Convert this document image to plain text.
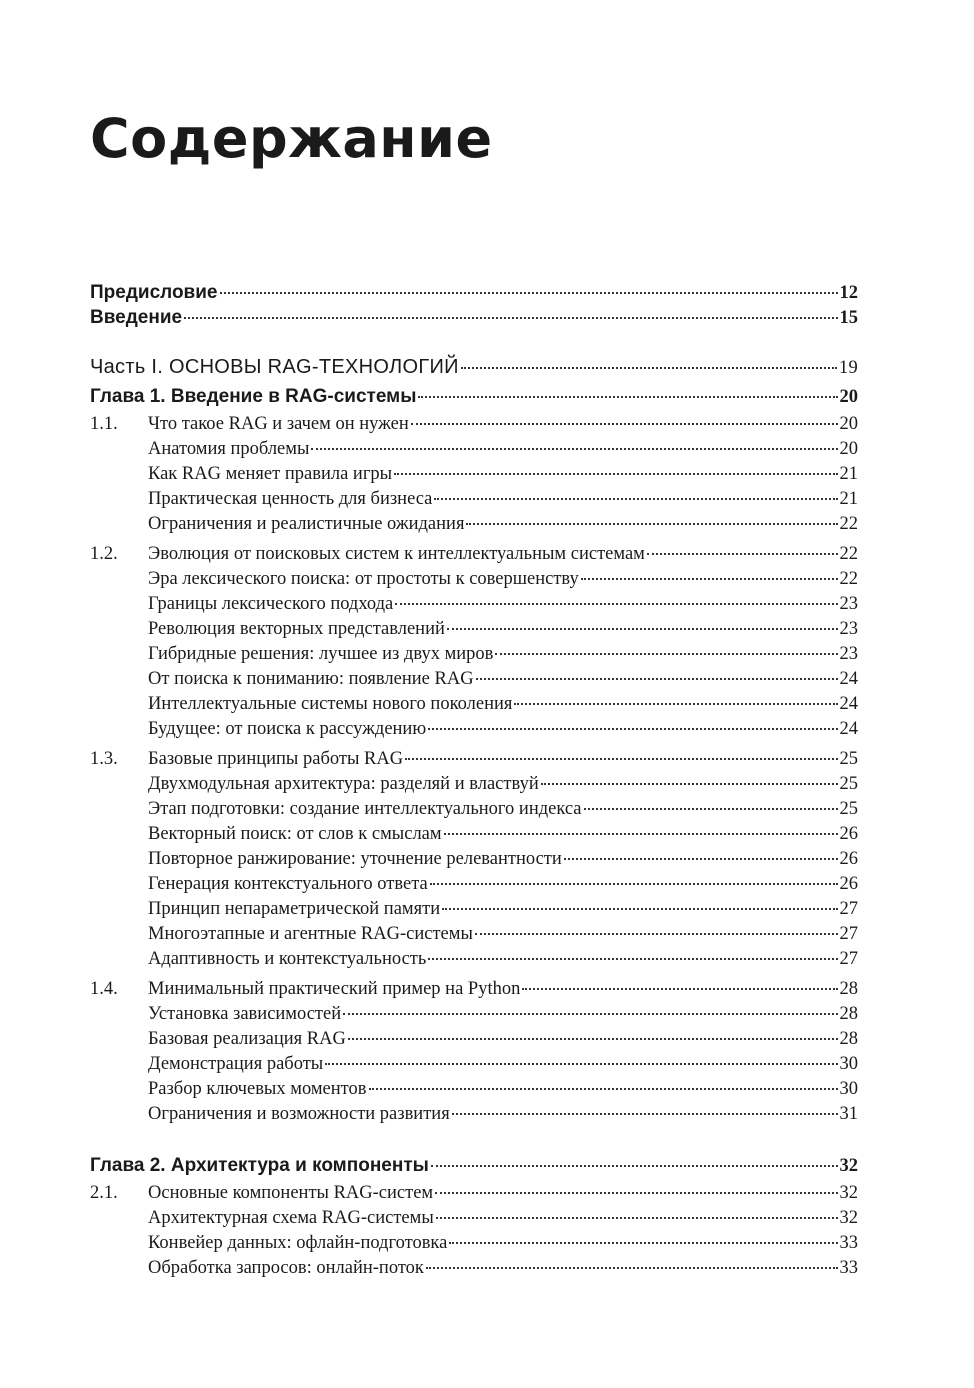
Содержание
Предисловие	12
Введение	15
Часть I. ОСНОВЫ RAG-ТЕХНОЛОГИЙ	19
Глава 1. Введение в RAG-системы	20
1.1.	Что такое RAG и зачем он нужен	20
Анатомия проблемы	20
Как RAG меняет правила игры	21
Практическая ценность для бизнеса	21
Ограничения и реалистичные ожидания	22
1.2.	Эволюция от поисковых систем к интеллектуальным системам	22
Эра лексического поиска: от простоты к совершенству	22
Границы лексического подхода	23
Революция векторных представлений	23
Гибридные решения: лучшее из двух миров	23
От поиска к пониманию: появление RAG	24
Интеллектуальные системы нового поколения	24
Будущее: от поиска к рассуждению	24
1.3.	Базовые принципы работы RAG	25
Двухмодульная архитектура: разделяй и властвуй	25
Этап подготовки: создание интеллектуального индекса	25
Векторный поиск: от слов к смыслам	26
Повторное ранжирование: уточнение релевантности	26
Генерация контекстуального ответа	26
Принцип непараметрической памяти	27
Многоэтапные и агентные RAG-системы	27
Адаптивность и контекстуальность	27
1.4.	Минимальный практический пример на Python	28
Установка зависимостей	28
Базовая реализация RAG	28
Демонстрация работы	30
Разбор ключевых моментов	30
Ограничения и возможности развития	31
Глава 2. Архитектура и компоненты	32
2.1.	Основные компоненты RAG-систем	32
Архитектурная схема RAG-системы	32
Конвейер данных: офлайн-подготовка	33
Обработка запросов: онлайн-поток	33
